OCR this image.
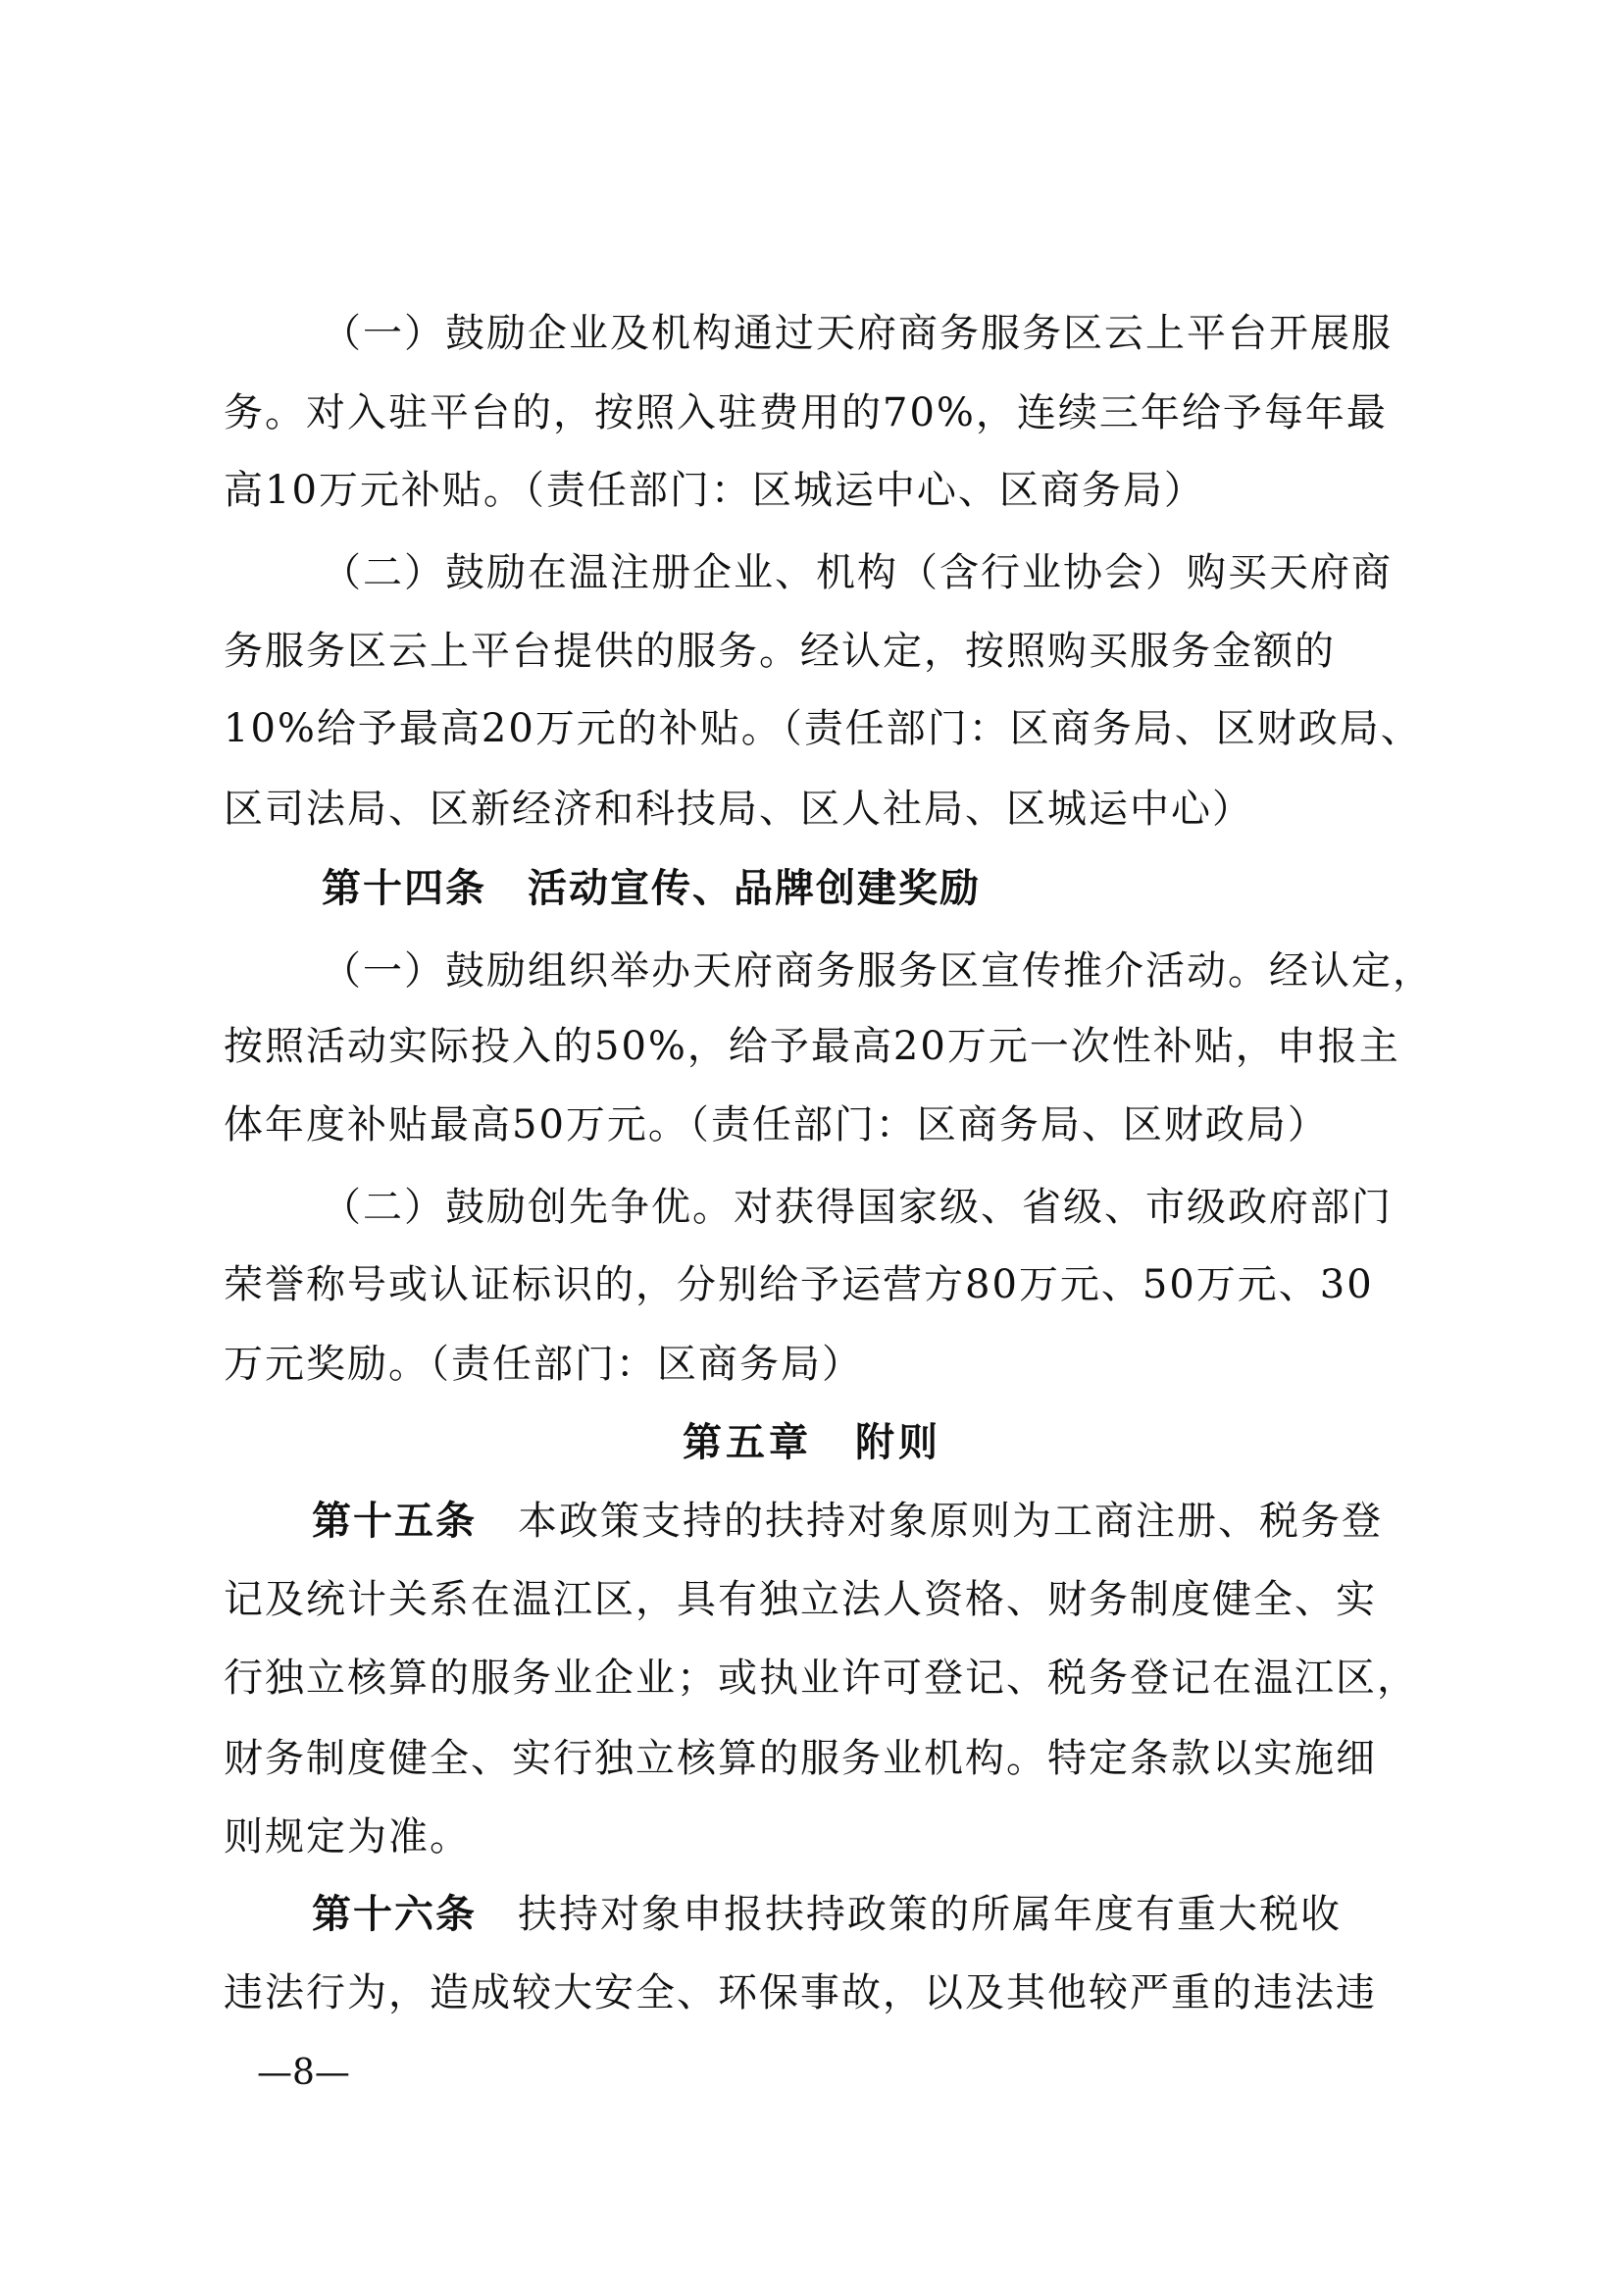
（一）鼓励企业及机构通过天府商务服务区云上平台开展服
务。对入驻平台的，按照入驻费用的70%，连续三年给予每年最
高10万元补贴。（责任部门：区城运中心、区商务局）
（二）鼓励在温注册企业、机构（含行业协会）购买天府商
务服务区云上平台提供的服务。经认定，按照购买服务金额的
10%给予最高20万元的补贴。（责任部门：区商务局、区财政局、
区司法局、区新经济和科技局、区人社局、区城运中心）
第十四条　活动宣传、品牌创建奖励
（一）鼓励组织举办天府商务服务区宣传推介活动。经认定，
按照活动实际投入的50%，给予最高20万元一次性补贴，申报主
体年度补贴最高50万元。（责任部门：区商务局、区财政局）
（二）鼓励创先争优。对获得国家级、省级、市级政府部门
荣誉称号或认证标识的，分别给予运营方80万元、50万元、30
万元奖励。（责任部门：区商务局）
第五章　附则
第十五条　本政策支持的扶持对象原则为工商注册、税务登
记及统计关系在温江区，具有独立法人资格、财务制度健全、实
行独立核算的服务业企业；或执业许可登记、税务登记在温江区，
财务制度健全、实行独立核算的服务业机构。特定条款以实施细
则规定为准。
第十六条　扶持对象申报扶持政策的所属年度有重大税收
违法行为，造成较大安全、环保事故，以及其他较严重的违法违
—8—
